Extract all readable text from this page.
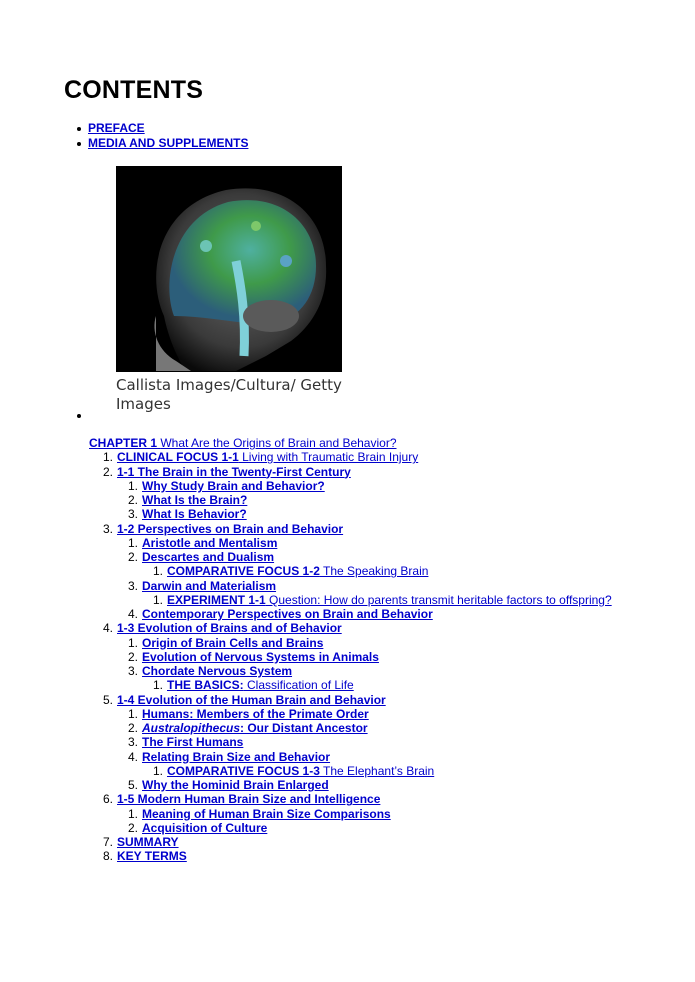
CONTENTS
PREFACE
MEDIA AND SUPPLEMENTS
Callista Images/Cultura/ Getty
Images
CHAPTER 1 What Are the Origins of Brain and Behavior?
1. CLINICAL FOCUS 1-1 Living with Traumatic Brain Injury
2. 1-1 The Brain in the Twenty-First Century
1. Why Study Brain and Behavior?
2. What Is the Brain?
3. What Is Behavior?
3. 1-2 Perspectives on Brain and Behavior
1. Aristotle and Mentalism
2. Descartes and Dualism
1. COMPARATIVE FOCUS 1-2 The Speaking Brain
3. Darwin and Materialism
1. EXPERIMENT 1-1 Question: How do parents transmit heritable factors to offspring?
4. Contemporary Perspectives on Brain and Behavior
4. 1-3 Evolution of Brains and of Behavior
1. Origin of Brain Cells and Brains
2. Evolution of Nervous Systems in Animals
3. Chordate Nervous System
1. THE BASICS: Classification of Life
5. 1-4 Evolution of the Human Brain and Behavior
1. Humans: Members of the Primate Order
2. Australopithecus: Our Distant Ancestor
3. The First Humans
4. Relating Brain Size and Behavior
1. COMPARATIVE FOCUS 1-3 The Elephant’s Brain
5. Why the Hominid Brain Enlarged
6. 1-5 Modern Human Brain Size and Intelligence
1. Meaning of Human Brain Size Comparisons
2. Acquisition of Culture
7. SUMMARY
8. KEY TERMS
